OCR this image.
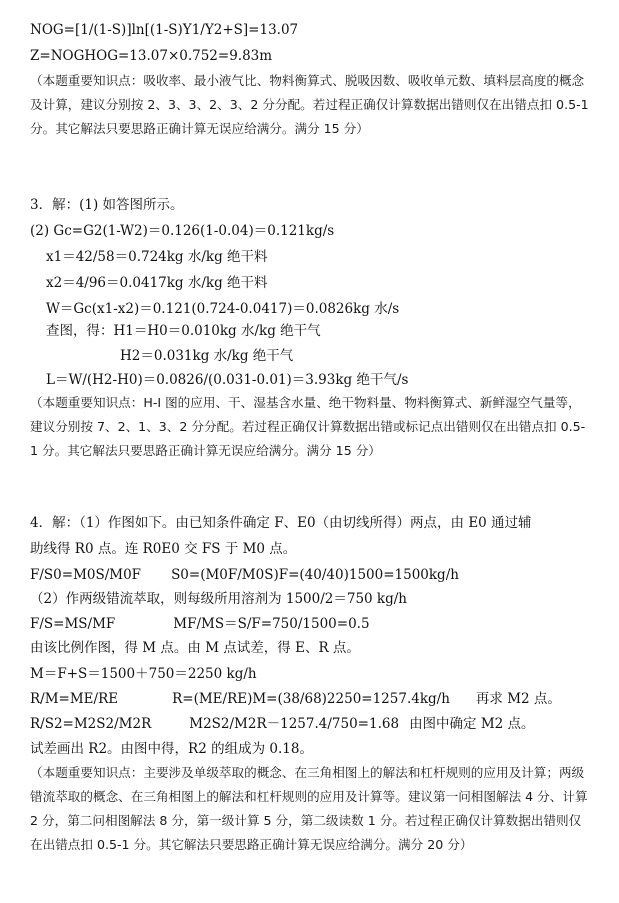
NOG=[1/(1-S)]ln[(1-S)Y1/Y2+S]=13.07
Z=NOGHOG=13.07×0.752=9.83m
（本题重要知识点：吸收率、最小液气比、物料衡算式、脱吸因数、吸收单元数、填料层高度的概念及计算，建议分别按 2、3、3、2、3、2 分分配。若过程正确仅计算数据出错则仅在出错点扣 0.5-1 分。其它解法只要思路正确计算无误应给满分。满分 15 分）
3．解：(1) 如答图所示。
(2) Gc=G2(1-W2)＝0.126(1-0.04)＝0.121kg/s
x1＝42/58＝0.724kg 水/kg 绝干料
x2＝4/96＝0.0417kg 水/kg 绝干料
W＝Gc(x1-x2)＝0.121(0.724-0.0417)＝0.0826kg 水/s
查图，得：H1＝H0＝0.010kg 水/kg 绝干气
H2＝0.031kg 水/kg 绝干气
L＝W/(H2-H0)＝0.0826/(0.031-0.01)＝3.93kg 绝干气/s
（本题重要知识点：H-I 图的应用、干、湿基含水量、绝干物料量、物料衡算式、新鲜湿空气量等，建议分别按 7、2、1、3、2 分分配。若过程正确仅计算数据出错或标记点出错则仅在出错点扣 0.5-1 分。其它解法只要思路正确计算无误应给满分。满分 15 分）
4．解：（1）作图如下。由已知条件确定 F、E0（由切线所得）两点，由 E0 通过辅
助线得 R0 点。连 R0E0 交 FS 于 M0 点。
F/S0=M0S/M0F S0=(M0F/M0S)F=(40/40)1500=1500kg/h
（2）作两级错流萃取，则每级所用溶剂为 1500/2＝750 kg/h
F/S=MS/MF	MF/MS＝S/F=750/1500=0.5
由该比例作图，得 M 点。由 M 点试差，得 E、R 点。
M＝F+S＝1500＋750＝2250 kg/h
R/M=ME/RE	R=(ME/RE)M=(38/68)2250=1257.4kg/h 再求 M2 点。
R/S2=M2S2/M2R	M2S2/M2R－1257.4/750=1.68 由图中确定 M2 点。
试差画出 R2。由图中得，R2 的组成为 0.18。
（本题重要知识点：主要涉及单级萃取的概念、在三角相图上的解法和杠杆规则的应用及计算；两级错流萃取的概念、在三角相图上的解法和杠杆规则的应用及计算等。建议第一问相图解法 4 分、计算 2 分，第二问相图解法 8 分，第一级计算 5 分，第二级读数 1 分。若过程正确仅计算数据出错则仅在出错点扣 0.5-1 分。其它解法只要思路正确计算无误应给满分。满分 20 分）
